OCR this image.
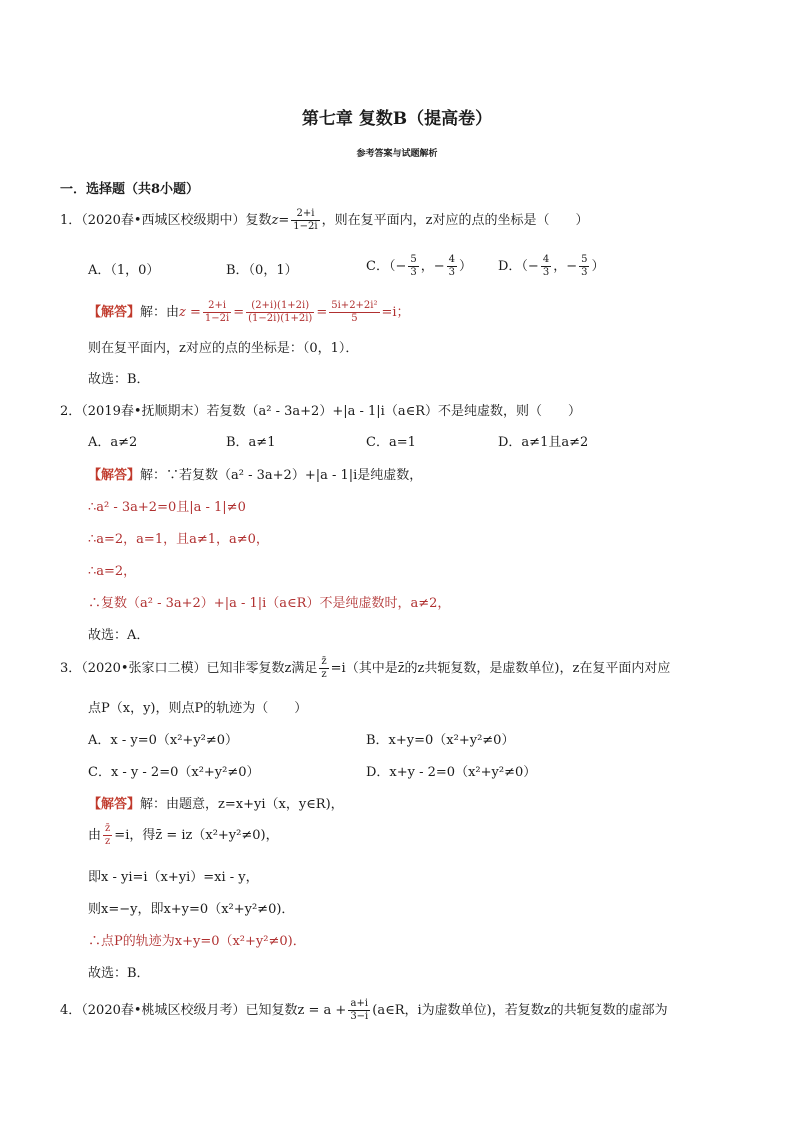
第七章 复数B（提高卷）
参考答案与试题解析
一．选择题（共8小题）
1．（2020春•西城区校级期中）复数$z= \frac{2+i}{1-2i}$ ，则在复平面内，z对应的点的坐标是（　　）
A．（1，0）	B．（0，1）	C．（− $\frac{5}{3}$ ，− $\frac{4}{3}$ ） D．（− $\frac{4}{3}$ ，− $\frac{5}{3}$ ）
【解答】解：由$z = \frac{2+i}{1-2i} = \frac{(2+i)(1+2i)}{(1-2i)(1+2i)} = \frac{\text{5i+2+2i²}}{5} =i$；
则在复平面内，z对应的点的坐标是：（0，1）．
故选：B．
2．（2019春•抚顺期末）若复数（a² - 3a+2）+|a - 1|i（a∈R）不是纯虚数，则（　　）
A．a≠2	B．a≠1	C．a=1	D．a≠1且a≠2
【解答】解：∵若复数（a² - 3a+2）+|a - 1|i是纯虚数，
∴a² - 3a+2=0且|a - 1|≠0
∴a=2，a=1，且a≠1，a≠0，
∴a=2，
∴复数（a² - 3a+2）+|a - 1|i（a∈R）不是纯虚数时，a≠2，
故选：A．
3．（2020•张家口二模）已知非零复数z满足 $\frac{z̄}{z} =i$（其中是z̄的z共轭复数，是虚数单位)，z在复平面内对应
点P（x，y)，则点P的轨迹为（　　）
A．x - y=0（x²+y²≠0）	B．x+y=0（x²+y²≠0）
C．x - y - 2=0（x²+y²≠0）	D．x+y - 2=0（x²+y²≠0）
【解答】解：由题意，z=x+yi（x，y∈R)，
由 $\frac{z̄}{z} =i$，得z̄ = iz（x²+y²≠0)，
即x - yi=i（x+yi）=xi - y，
则x=−y，即x+y=0（x²+y²≠0)．
∴点P的轨迹为x+y=0（x²+y²≠0)．
故选：B．
4．（2020春•桃城区校级月考）已知复数$z = a + \frac{a+i}{3-i}$ (a∈R，i为虚数单位)，若复数z的共轭复数的虚部为
